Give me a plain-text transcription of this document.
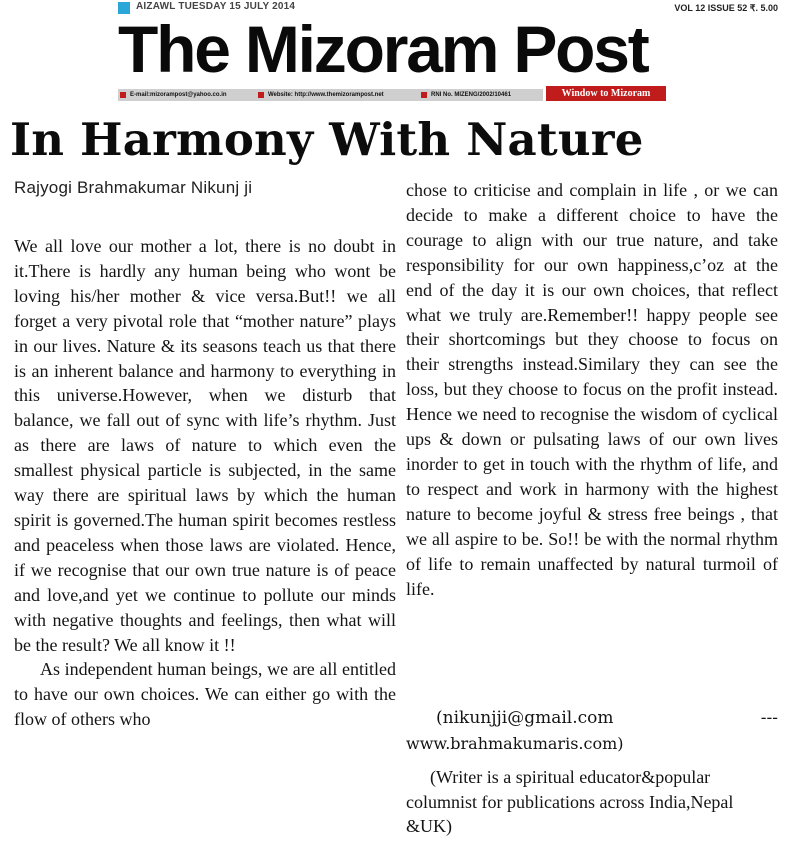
AIZAWL TUESDAY 15 JULY 2014	VOL 12 ISSUE 52 ₹. 5.00
The Mizoram Post
E-mail:mizorampost@yahoo.co.in	Website: http://www.themizorampost.net	RNI No. MIZENG/2002/10461	Window to Mizoram
In Harmony With Nature
Rajyogi Brahmakumar Nikunj ji

We all love our mother a lot, there is no doubt in it.There is hardly any human being who wont be loving his/her mother & vice versa.But!! we all forget a very pivotal role that “mother nature” plays in our lives. Nature & its seasons teach us that there is an inherent balance and harmony to everything in this universe.However, when we disturb that balance, we fall out of sync with life’s rhythm. Just as there are laws of nature to which even the smallest physical particle is subjected, in the same way there are spiritual laws by which the human spirit is governed.The human spirit becomes restless and peaceless when those laws are violated. Hence, if we recognise that our own true nature is of peace and love,and yet we continue to pollute our minds with negative thoughts and feelings, then what will be the result? We all know it !!

As independent human beings, we are all entitled to have our own choices. We can either go with the flow of others who

chose to criticise and complain in life , or we can decide to make a different choice to have the courage to align with our true nature, and take responsibility for our own happiness,c’oz at the end of the day it is our own choices, that reflect what we truly are.Remember!! happy people see their shortcomings but they choose to focus on their strengths instead.Similary they can see the loss, but they choose to focus on the profit instead. Hence we need to recognise the wisdom of cyclical ups & down or pulsating laws of our own lives inorder to get in touch with the rhythm of life, and to respect and work in harmony with the highest nature to become joyful & stress free beings , that we all aspire to be. So!! be with the normal rhythm of life to remain unaffected by natural turmoil of life.

(nikunjji@gmail.com	---
www.brahmakumaris.com)

(Writer is a spiritual educator&popular columnist for publications across India,Nepal &UK)
